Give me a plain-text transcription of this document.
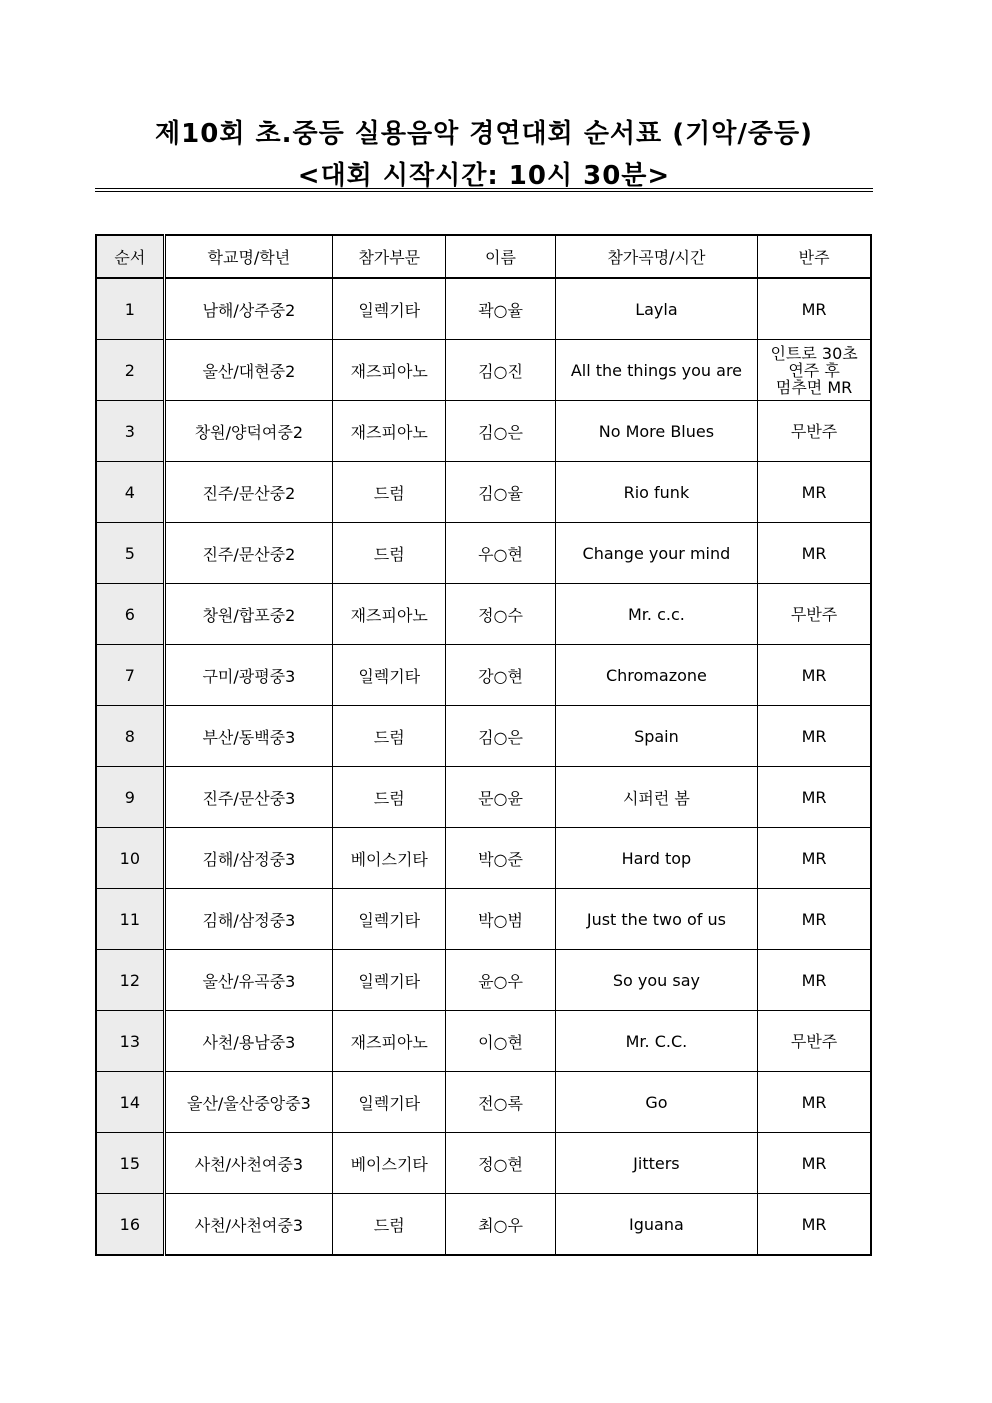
제10회 초.중등 실용음악 경연대회 순서표 (기악/중등)
<대회 시작시간: 10시 30분>
순서	학교명/학년	참가부문	이름	참가곡명/시간	반주
1	남해/상주중2	일렉기타	곽○율	Layla	MR
2	울산/대현중2	재즈피아노	김○진	All the things you are	인트로 30초
연주 후
멈추면 MR

3	창원/양덕여중2	재즈피아노	김○은	No More Blues	무반주
4	진주/문산중2	드럼	김○율	Rio funk	MR
5	진주/문산중2	드럼	우○현	Change your mind	MR
6	창원/합포중2	재즈피아노	정○수	Mr. c.c.	무반주
7	구미/광평중3	일렉기타	강○현	Chromazone	MR
8	부산/동백중3	드럼	김○은	Spain	MR
9	진주/문산중3	드럼	문○윤	시퍼런 봄	MR
10	김해/삼정중3	베이스기타	박○준	Hard top	MR
11	김해/삼정중3	일렉기타	박○범	Just the two of us	MR
12	울산/유곡중3	일렉기타	윤○우	So you say	MR
13	사천/용남중3	재즈피아노	이○현	Mr. C.C.	무반주
14	울산/울산중앙중3	일렉기타	전○록	Go	MR
15	사천/사천여중3	베이스기타	정○현	Jitters	MR
16	사천/사천여중3	드럼	최○우	Iguana	MR
